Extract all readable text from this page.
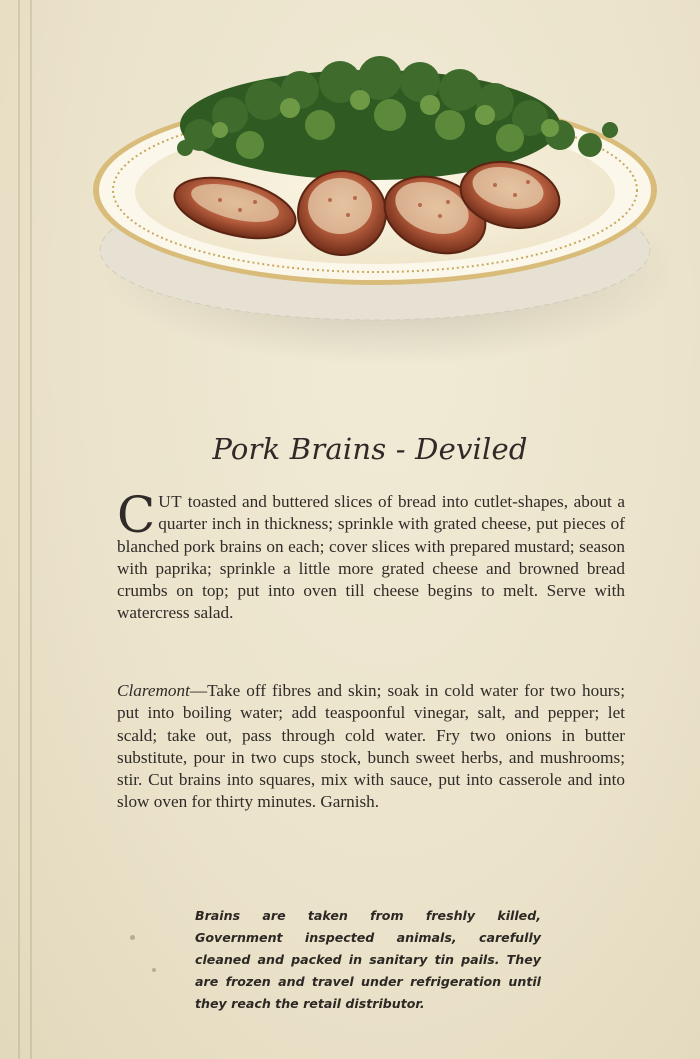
Pork Brains - Deviled
CUT toasted and buttered slices of bread into cutlet-shapes, about a quarter inch in thickness; sprinkle with grated cheese, put pieces of blanched pork brains on each; cover slices with prepared mustard; season with paprika; sprinkle a little more grated cheese and browned bread crumbs on top; put into oven till cheese begins to melt. Serve with watercress salad.
Claremont—Take off fibres and skin; soak in cold water for two hours; put into boiling water; add teaspoonful vinegar, salt, and pepper; let scald; take out, pass through cold water. Fry two onions in butter substitute, pour in two cups stock, bunch sweet herbs, and mushrooms; stir. Cut brains into squares, mix with sauce, put into casserole and into slow oven for thirty minutes. Garnish.
Brains are taken from freshly killed, Government inspected animals, carefully cleaned and packed in sanitary tin pails. They are frozen and travel under refrigeration until they reach the retail distributor.
